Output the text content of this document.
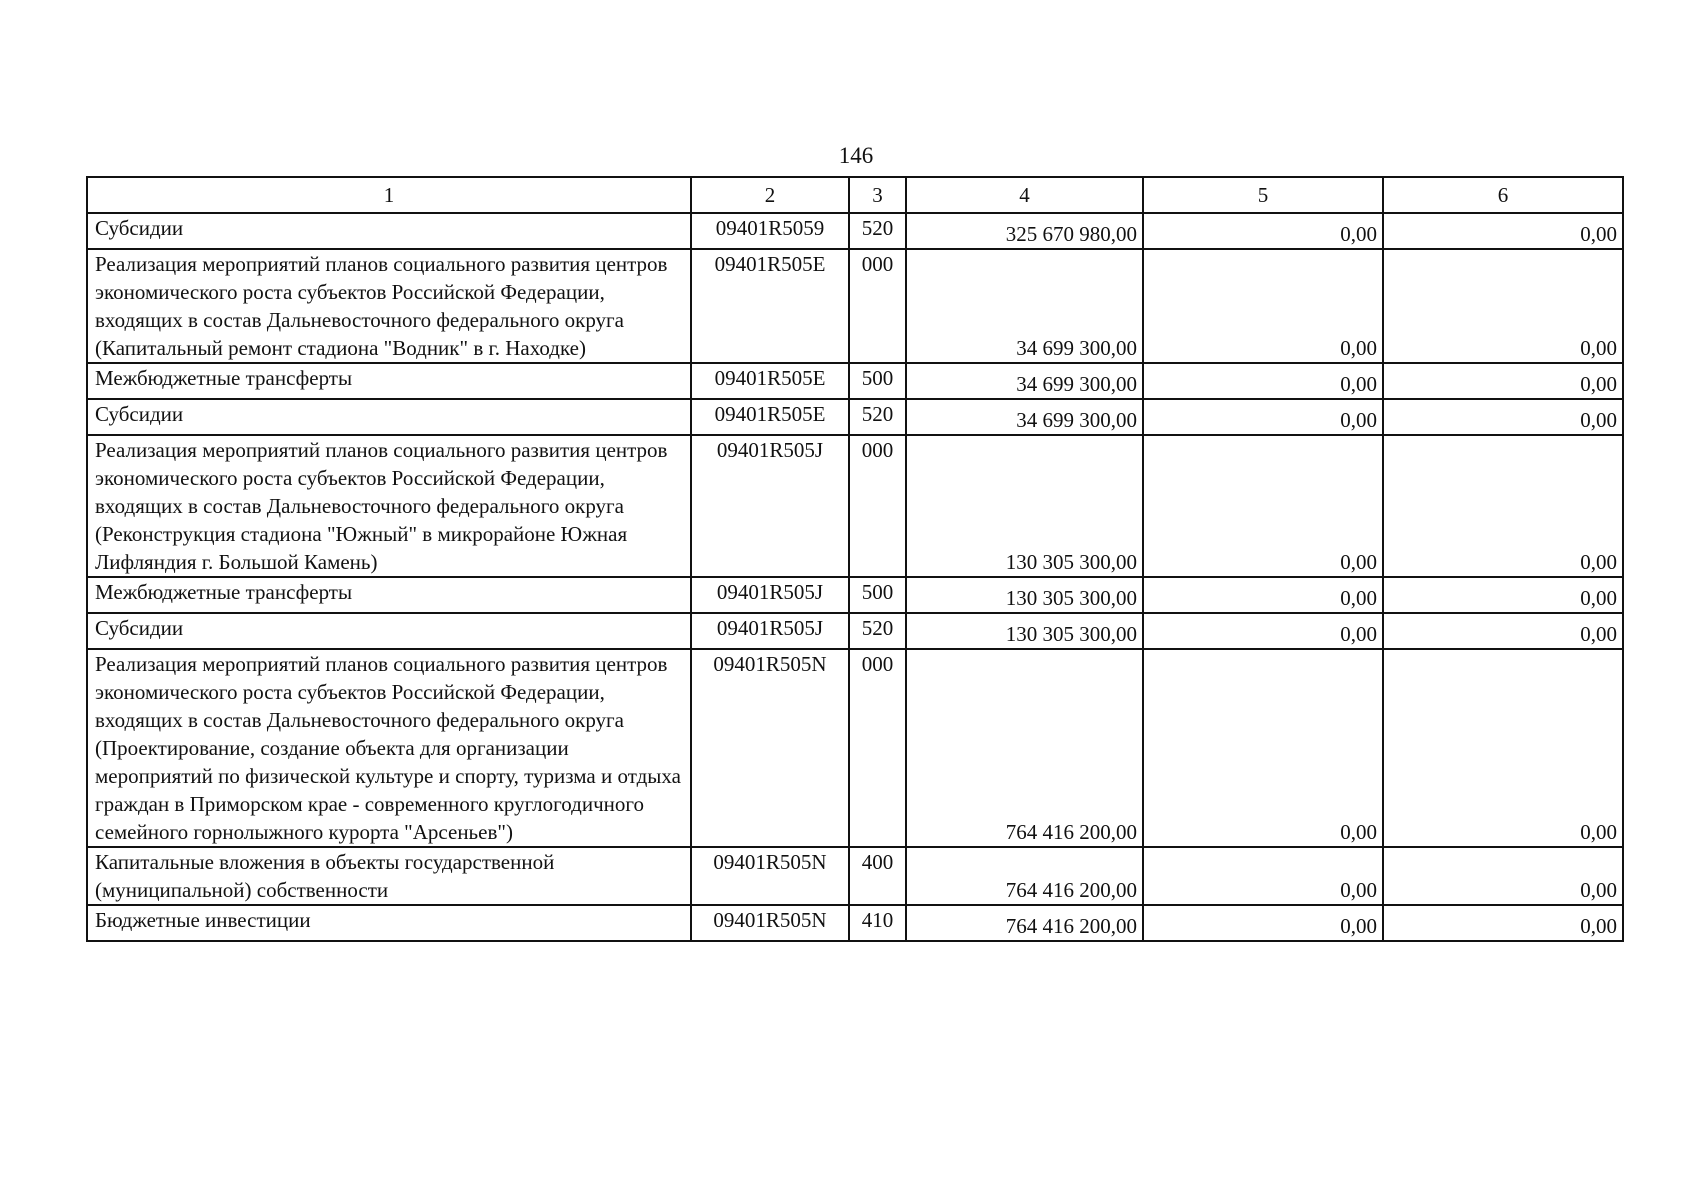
146
1	2	3	4	5	6
Субсидии	09401R5059	520	325 670 980,00	0,00	0,00
Реализация мероприятий планов социального развития центров экономического роста субъектов Российской Федерации, входящих в состав Дальневосточного федерального округа (Капитальный ремонт стадиона "Водник" в г. Находке)	09401R505E	000	34 699 300,00	0,00	0,00
Межбюджетные трансферты	09401R505E	500	34 699 300,00	0,00	0,00
Субсидии	09401R505E	520	34 699 300,00	0,00	0,00
Реализация мероприятий планов социального развития центров экономического роста субъектов Российской Федерации, входящих в состав Дальневосточного федерального округа (Реконструкция стадиона "Южный" в микрорайоне Южная Лифляндия г. Большой Камень)	09401R505J	000	130 305 300,00	0,00	0,00
Межбюджетные трансферты	09401R505J	500	130 305 300,00	0,00	0,00
Субсидии	09401R505J	520	130 305 300,00	0,00	0,00
Реализация мероприятий планов социального развития центров экономического роста субъектов Российской Федерации, входящих в состав Дальневосточного федерального округа (Проектирование, создание объекта для организации мероприятий по физической культуре и спорту, туризма и отдыха граждан в Приморском крае - современного круглогодичного семейного горнолыжного курорта "Арсеньев")	09401R505N	000	764 416 200,00	0,00	0,00
Капитальные вложения в объекты государственной (муниципальной) собственности	09401R505N	400	764 416 200,00	0,00	0,00
Бюджетные инвестиции	09401R505N	410	764 416 200,00	0,00	0,00
